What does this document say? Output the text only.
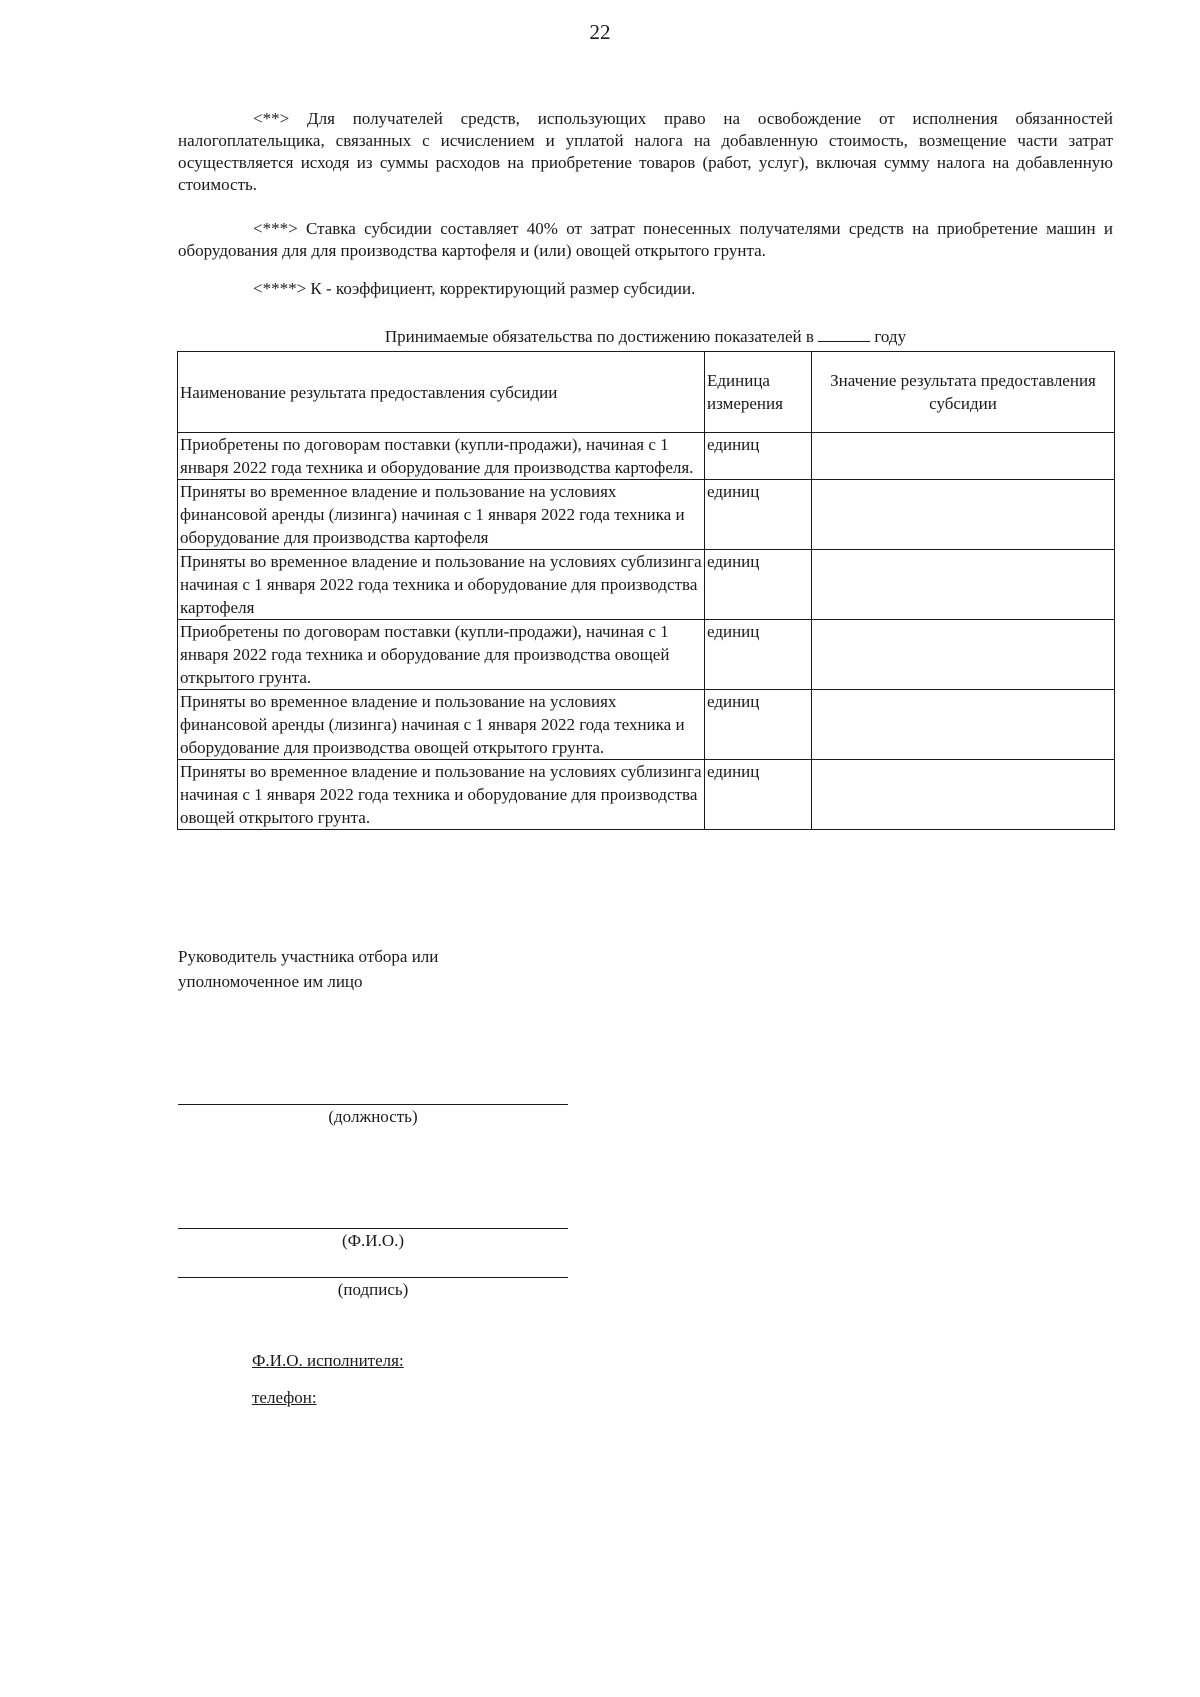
22
<**> Для получателей средств, использующих право на освобождение от исполнения обязанностей налогоплательщика, связанных с исчислением и уплатой налога на добавленную стоимость, возмещение части затрат осуществляется исходя из суммы расходов на приобретение товаров (работ, услуг), включая сумму налога на добавленную стоимость.
<***> Ставка субсидии составляет 40% от затрат понесенных получателями средств на приобретение машин и оборудования для для производства картофеля и (или) овощей открытого грунта.
<****> К - коэффициент, корректирующий размер субсидии.
Принимаемые обязательства по достижению показателей в	году
Наименование результата предоставления субсидии	Единица измерения	Значение результата предоставления субсидии
Приобретены по договорам поставки (купли-продажи), начиная с 1 января 2022 года техника и оборудование для производства картофеля.	единиц	
Приняты во временное владение и пользование на условиях финансовой аренды (лизинга) начиная с 1 января 2022 года техника и оборудование для производства картофеля	единиц	
Приняты во временное владение и пользование на условиях сублизинга начиная с 1 января 2022 года техника и оборудование для производства картофеля	единиц	
Приобретены по договорам поставки (купли-продажи), начиная с 1 января 2022 года техника и оборудование для производства овощей открытого грунта.	единиц	
Приняты во временное владение и пользование на условиях финансовой аренды (лизинга) начиная с 1 января 2022 года техника и оборудование для производства овощей открытого грунта.	единиц	
Приняты во временное владение и пользование на условиях сублизинга начиная с 1 января 2022 года техника и оборудование для производства овощей открытого грунта.	единиц	
Руководитель участника отбора или
уполномоченное им лицо
(должность)
(Ф.И.О.)
(подпись)
Ф.И.О. исполнителя:
телефон:
